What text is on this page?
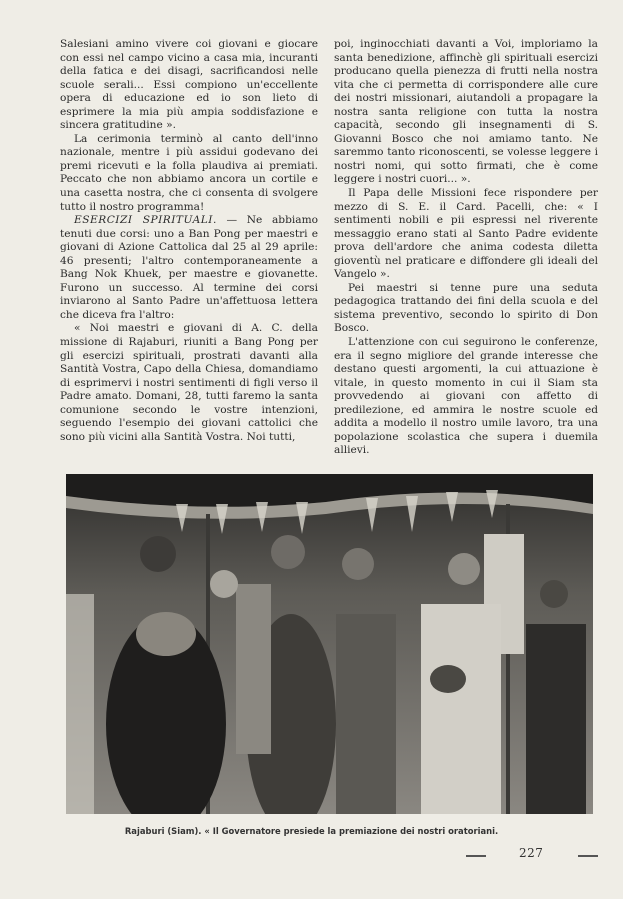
Salesiani amino vivere coi giovani e giocare con essi nel campo vicino a casa mia, incuranti della fatica e dei disagi, sacrificandosi nelle scuole serali... Essi compiono un'eccellente opera di educazione ed io son lieto di esprimere la mia più ampia soddisfazione e sincera gratitudine ».

La cerimonia terminò al canto dell'inno nazionale, mentre i più assidui godevano dei premi ricevuti e la folla plaudiva ai premiati. Peccato che non abbiamo ancora un cortile e una casetta nostra, che ci consenta di svolgere tutto il nostro programma!

ESERCIZI SPIRITUALI. — Ne abbiamo tenuti due corsi: uno a Ban Pong per maestri e giovani di Azione Cattolica dal 25 al 29 aprile: 46 presenti; l'altro contemporaneamente a Bang Nok Khuek, per maestre e giovanette. Furono un successo. Al termine dei corsi inviarono al Santo Padre un'affettuosa lettera che diceva fra l'altro:

« Noi maestri e giovani di A. C. della missione di Rajaburi, riuniti a Bang Pong per gli esercizi spirituali, prostrati davanti alla Santità Vostra, Capo della Chiesa, domandiamo di esprimervi i nostri sentimenti di figli verso il Padre amato. Domani, 28, tutti faremo la santa comunione secondo le vostre intenzioni, seguendo l'esempio dei giovani cattolici che sono più vicini alla Santità Vostra. Noi tutti,

poi, inginocchiati davanti a Voi, imploriamo la santa benedizione, affinchè gli spirituali esercizi producano quella pienezza di frutti nella nostra vita che ci permetta di corrispondere alle cure dei nostri missionari, aiutandoli a propagare la nostra santa religione con tutta la nostra capacità, secondo gli insegnamenti di S. Giovanni Bosco che noi amiamo tanto. Ne saremmo tanto riconoscenti, se volesse leggere i nostri nomi, qui sotto firmati, che è come leggere i nostri cuori... ».

Il Papa delle Missioni fece rispondere per mezzo di S. E. il Card. Pacelli, che: « I sentimenti nobili e pii espressi nel riverente messaggio erano stati al Santo Padre evidente prova dell'ardore che anima codesta diletta gioventù nel praticare e diffondere gli ideali del Vangelo ».

Pei maestri si tenne pure una seduta pedagogica trattando dei fini della scuola e del sistema preventivo, secondo lo spirito di Don Bosco.

L'attenzione con cui seguirono le conferenze, era il segno migliore del grande interesse che destano questi argomenti, la cui attuazione è vitale, in questo momento in cui il Siam sta provvedendo ai giovani con affetto di predilezione, ed ammira le nostre scuole ed addita a modello il nostro umile lavoro, tra una popolazione scolastica che supera i duemila allievi.

Rajaburi (Siam). « Il Governatore presiede la premiazione dei nostri oratoriani.
227
